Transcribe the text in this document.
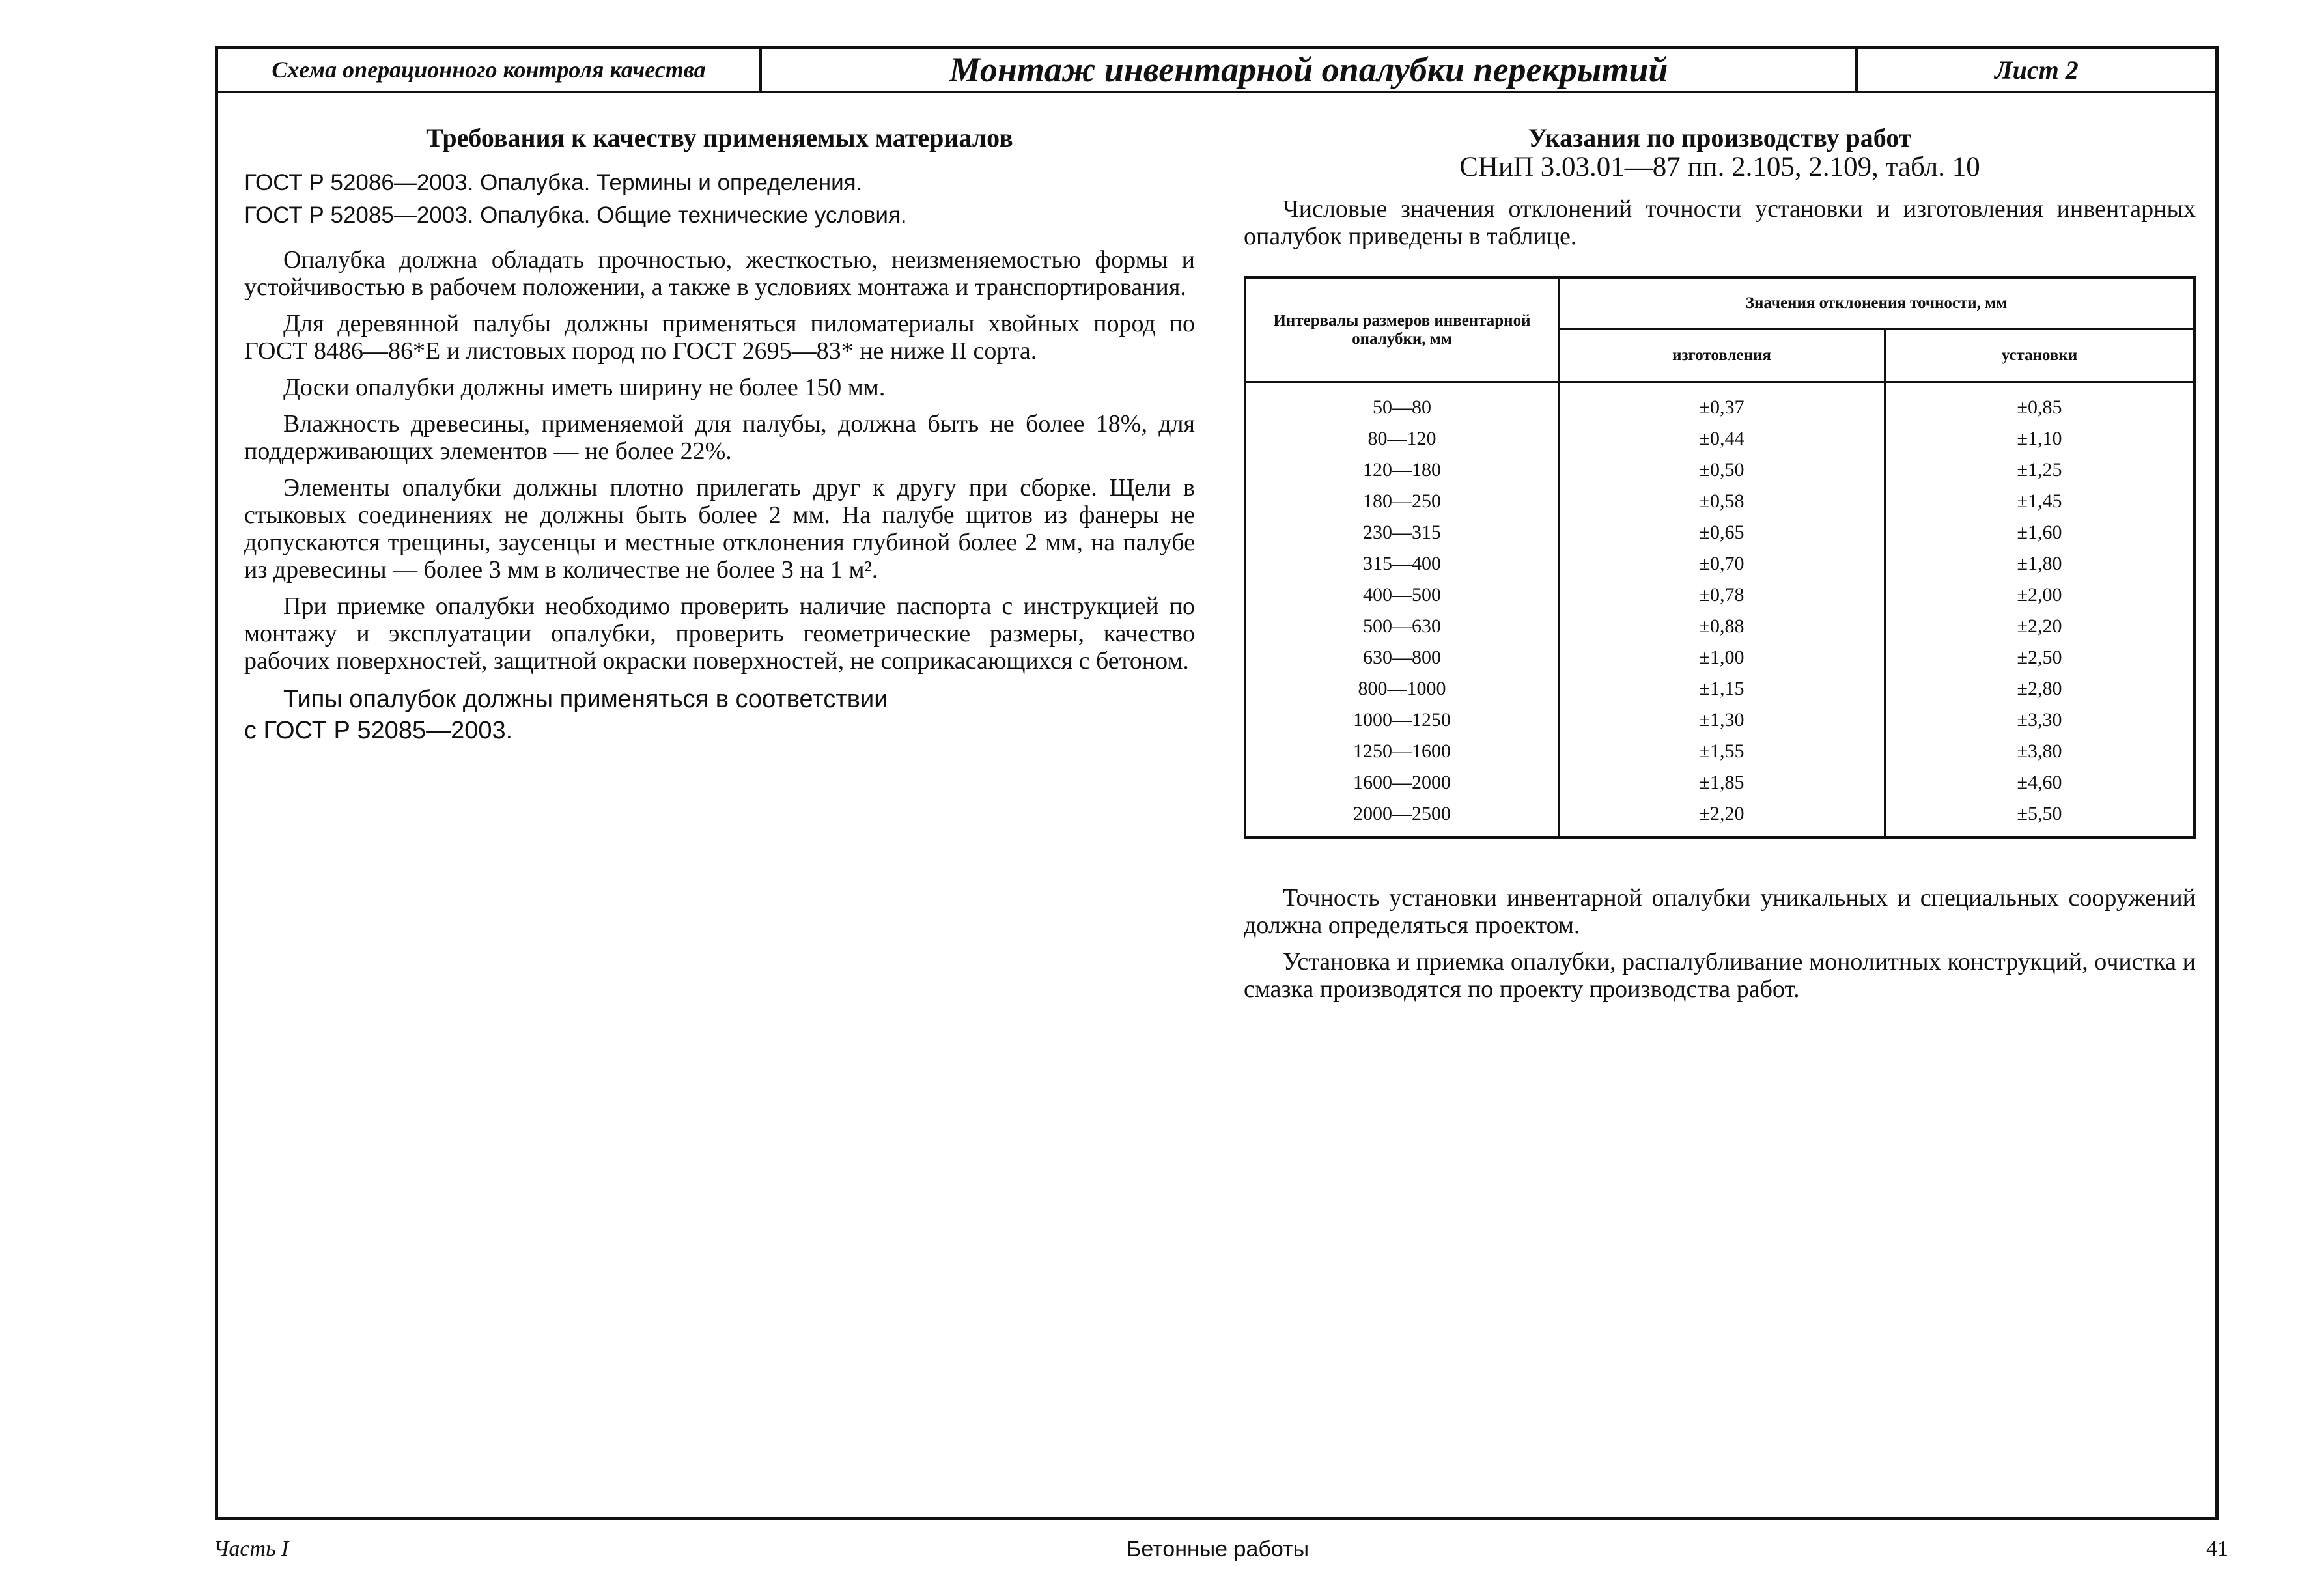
Схема операционного контроля качества	Монтаж инвентарной опалубки перекрытий	Лист 2
Требования к качеству применяемых материалов
ГОСТ Р 52086—2003. Опалубка. Термины и определения.
ГОСТ Р 52085—2003. Опалубка. Общие технические условия.

Опалубка должна обладать прочностью, жесткостью, неизменяемостью формы и устойчивостью в рабочем положении, а также в условиях монтажа и транспортирования.

Для деревянной палубы должны применяться пиломатериалы хвойных пород по ГОСТ 8486—86*Е и листовых пород по ГОСТ 2695—83* не ниже II сорта.

Доски опалубки должны иметь ширину не более 150 мм.

Влажность древесины, применяемой для палубы, должна быть не более 18%, для поддерживающих элементов — не более 22%.

Элементы опалубки должны плотно прилегать друг к другу при сборке. Щели в стыковых соединениях не должны быть более 2 мм. На палубе щитов из фанеры не допускаются трещины, заусенцы и местные отклонения глубиной более 2 мм, на палубе из древесины — более 3 мм в количестве не более 3 на 1 м².

При приемке опалубки необходимо проверить наличие паспорта с инструкцией по монтажу и эксплуатации опалубки, проверить геометрические размеры, качество рабочих поверхностей, защитной окраски поверхностей, не соприкасающихся с бетоном.

Типы опалубок должны применяться в соответствии

с ГОСТ Р 52085—2003.

Указания по производству работ
СНиП 3.03.01—87 пп. 2.105, 2.109, табл. 10

Числовые значения отклонений точности установки и изготовления инвентарных опалубок приведены в таблице.

Интервалы размеров инвентарной опалубки, мм	Значения отклонения точности, мм	
	изготовления	установки
50—80	±0,37	±0,85
80—120	±0,44	±1,10
120—180	±0,50	±1,25
180—250	±0,58	±1,45
230—315	±0,65	±1,60
315—400	±0,70	±1,80
400—500	±0,78	±2,00
500—630	±0,88	±2,20
630—800	±1,00	±2,50
800—1000	±1,15	±2,80
1000—1250	±1,30	±3,30
1250—1600	±1,55	±3,80
1600—2000	±1,85	±4,60
2000—2500	±2,20	±5,50

Точность установки инвентарной опалубки уникальных и специальных сооружений должна определяться проектом.

Установка и приемка опалубки, распалубливание монолитных конструкций, очистка и смазка производятся по проекту производства работ.

Часть I	Бетонные работы	41
